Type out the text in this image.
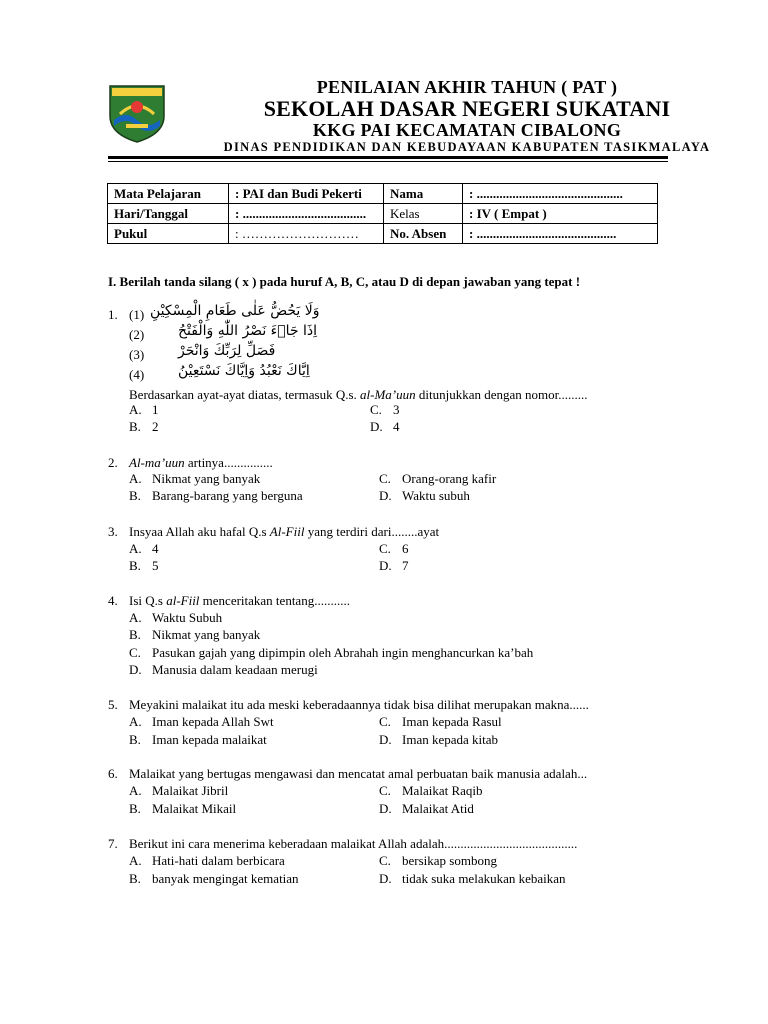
PENILAIAN AKHIR TAHUN ( PAT )
SEKOLAH DASAR NEGERI SUKATANI
KKG PAI KECAMATAN CIBALONG
DINAS PENDIDIKAN DAN KEBUDAYAAN KABUPATEN TASIKMALAYA
Mata Pelajaran	: PAI dan Budi Pekerti	Nama	: .............................................
Hari/Tanggal	: ......................................	Kelas	: IV ( Empat )
Pukul	: ………………………	No. Absen	: ...........................................
I. Berilah tanda silang ( x ) pada huruf A, B, C, atau D di depan jawaban yang tepat !
1. (1) وَلَا يَحُضُّ عَلٰى طَعَامِ الْمِسْكِيْنِ
(2) اِذَا جَاۤءَ نَصْرُ اللّٰهِ وَالْفَتْحُ
(3) فَصَلِّ لِرَبِّكَ وَانْحَرْ
(4) اِيَّاكَ نَعْبُدُ وَاِيَّاكَ نَسْتَعِيْنُ
Berdasarkan ayat-ayat diatas, termasuk Q.s. al-Ma’uun ditunjukkan dengan nomor.........
A. 1	C. 3
B. 2	D. 4
2. Al-ma’uun artinya...............
A. Nikmat yang banyak	C. Orang-orang kafir
B. Barang-barang yang berguna	D. Waktu subuh
3. Insyaa Allah aku hafal Q.s Al-Fiil yang terdiri dari........ayat
A. 4	C. 6
B. 5	D. 7
4. Isi Q.s al-Fiil menceritakan tentang...........
A. Waktu Subuh
B. Nikmat yang banyak
C. Pasukan gajah yang dipimpin oleh Abrahah ingin menghancurkan ka’bah
D. Manusia dalam keadaan merugi
5. Meyakini malaikat itu ada meski keberadaannya tidak bisa dilihat merupakan makna......
A. Iman kepada Allah Swt	C. Iman kepada Rasul
B. Iman kepada malaikat	D. Iman kepada kitab
6. Malaikat yang bertugas mengawasi dan mencatat amal perbuatan baik manusia adalah...
A. Malaikat Jibril	C. Malaikat Raqib
B. Malaikat Mikail	D. Malaikat Atid
7. Berikut ini cara menerima keberadaan malaikat Allah adalah.........................................
A. Hati-hati dalam berbicara	C. bersikap sombong
B. banyak mengingat kematian	D. tidak suka melakukan kebaikan
